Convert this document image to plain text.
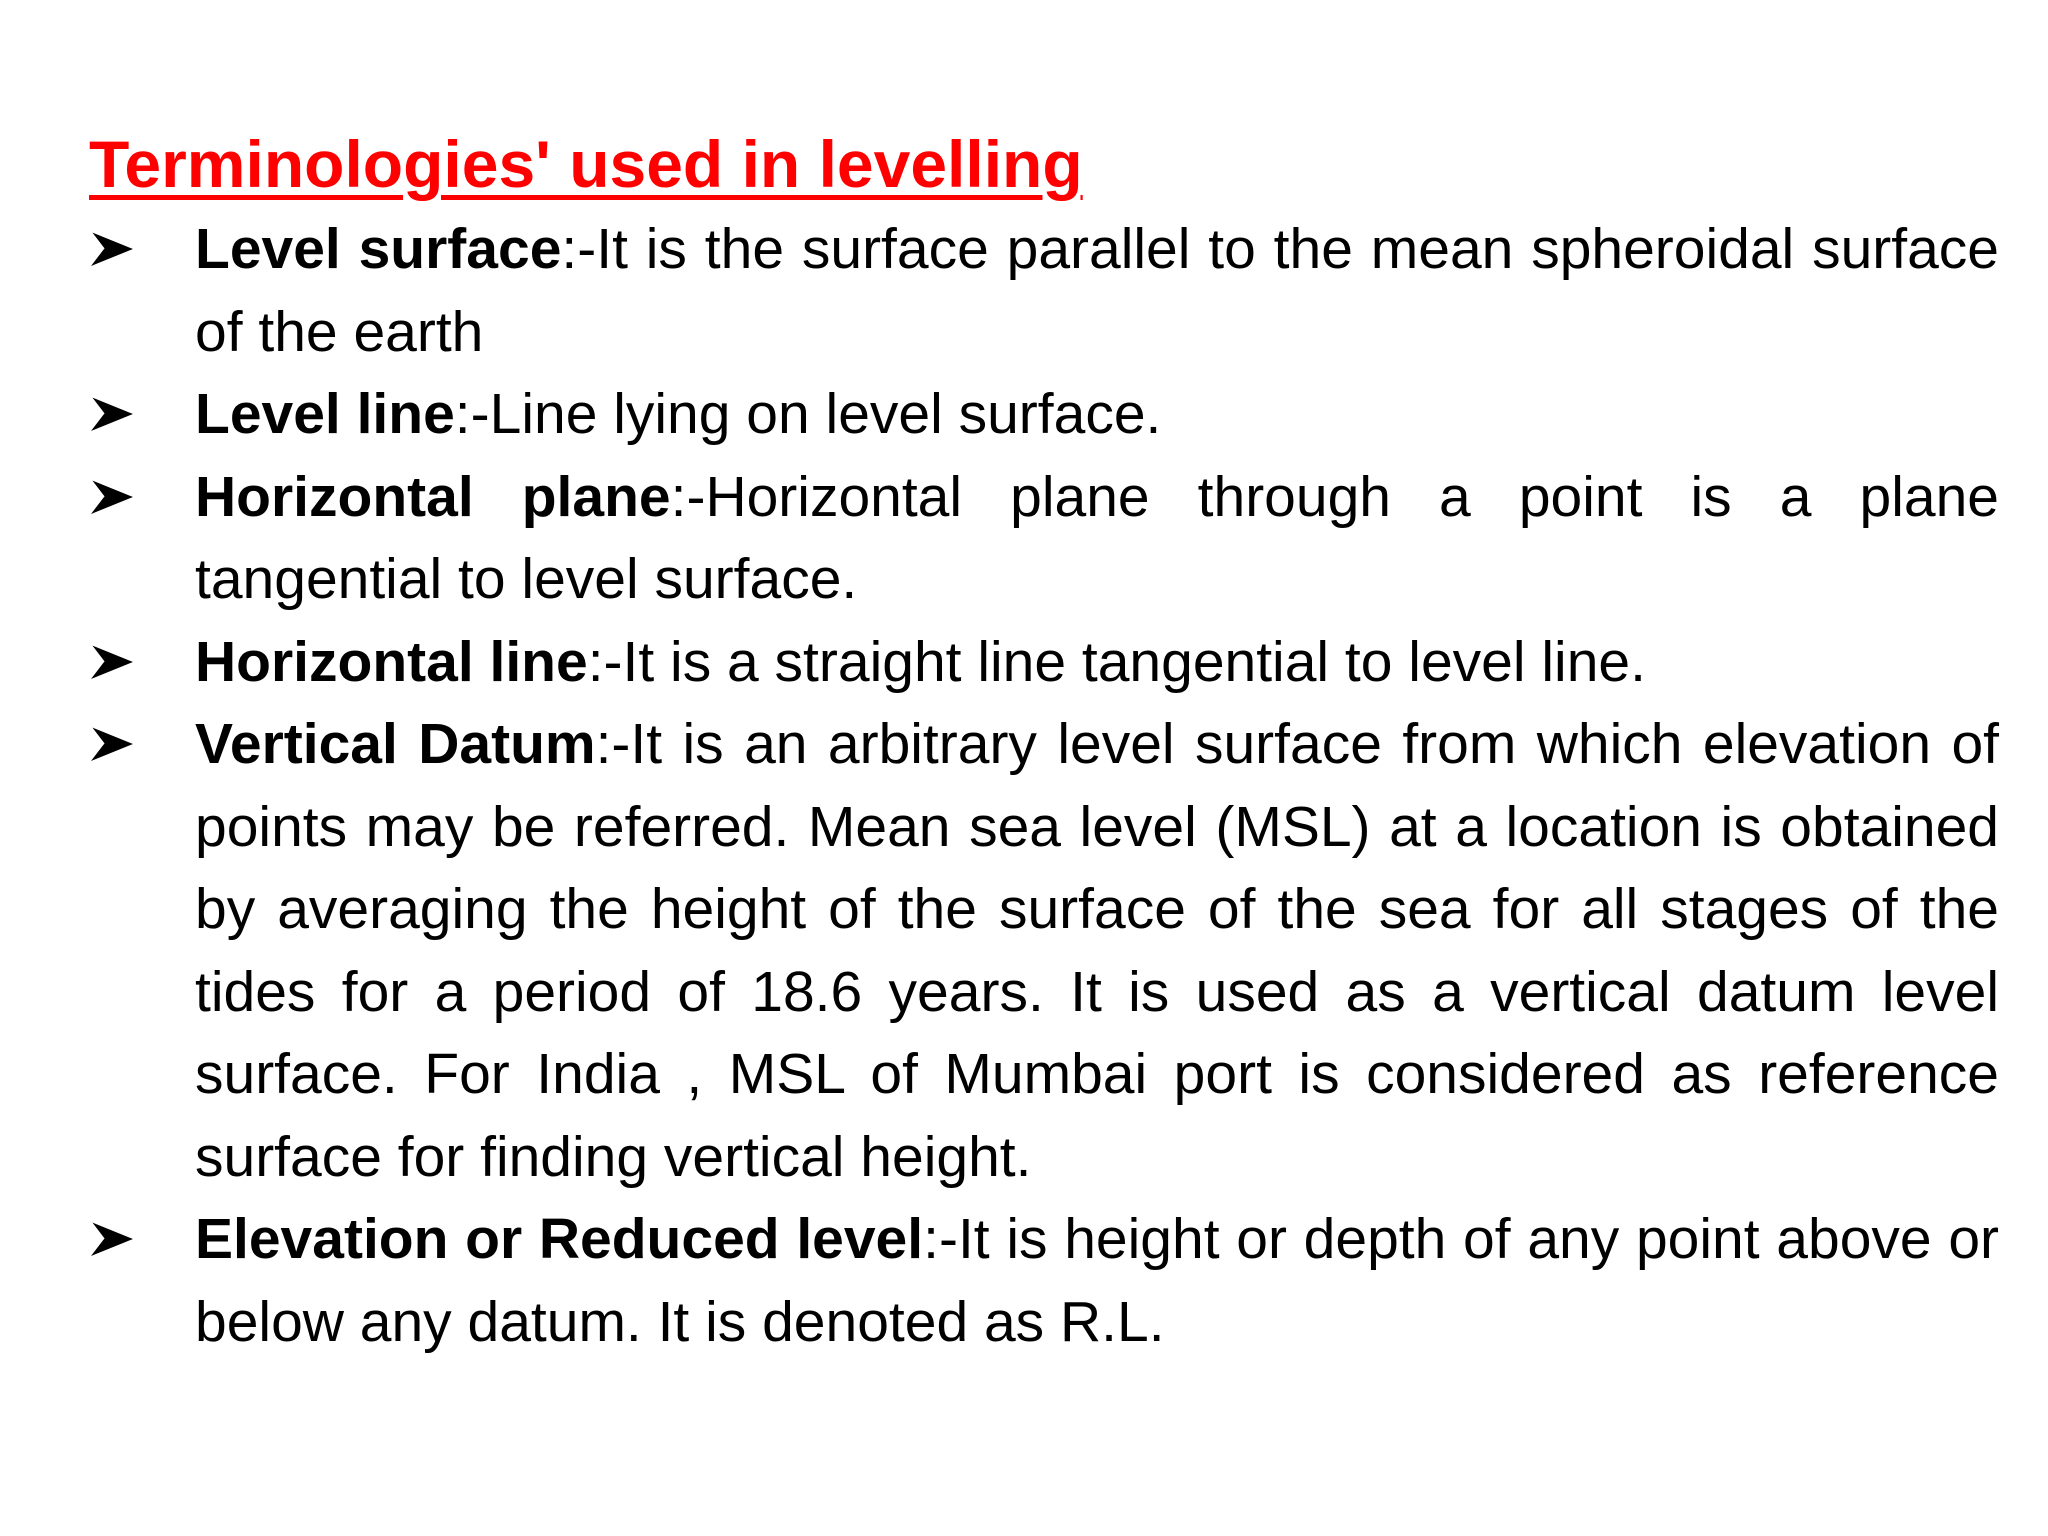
Terminologies' used in levelling
Level surface:-It is the surface parallel to the mean spheroidal surface of the earth
Level line:-Line lying on level surface.
Horizontal plane:-Horizontal plane through a point is a plane tangential to level surface.
Horizontal line:-It is a straight line tangential to level line.
Vertical Datum:-It is an arbitrary level surface from which elevation of points may be referred. Mean sea level (MSL) at a location is obtained by averaging the height of the surface of the sea for all stages of the tides for a period of 18.6 years. It is used as a vertical datum level surface. For India , MSL of Mumbai port is considered as reference surface for finding vertical height.
Elevation or Reduced level:-It is height or depth of any point above or below any datum. It is denoted as R.L.
